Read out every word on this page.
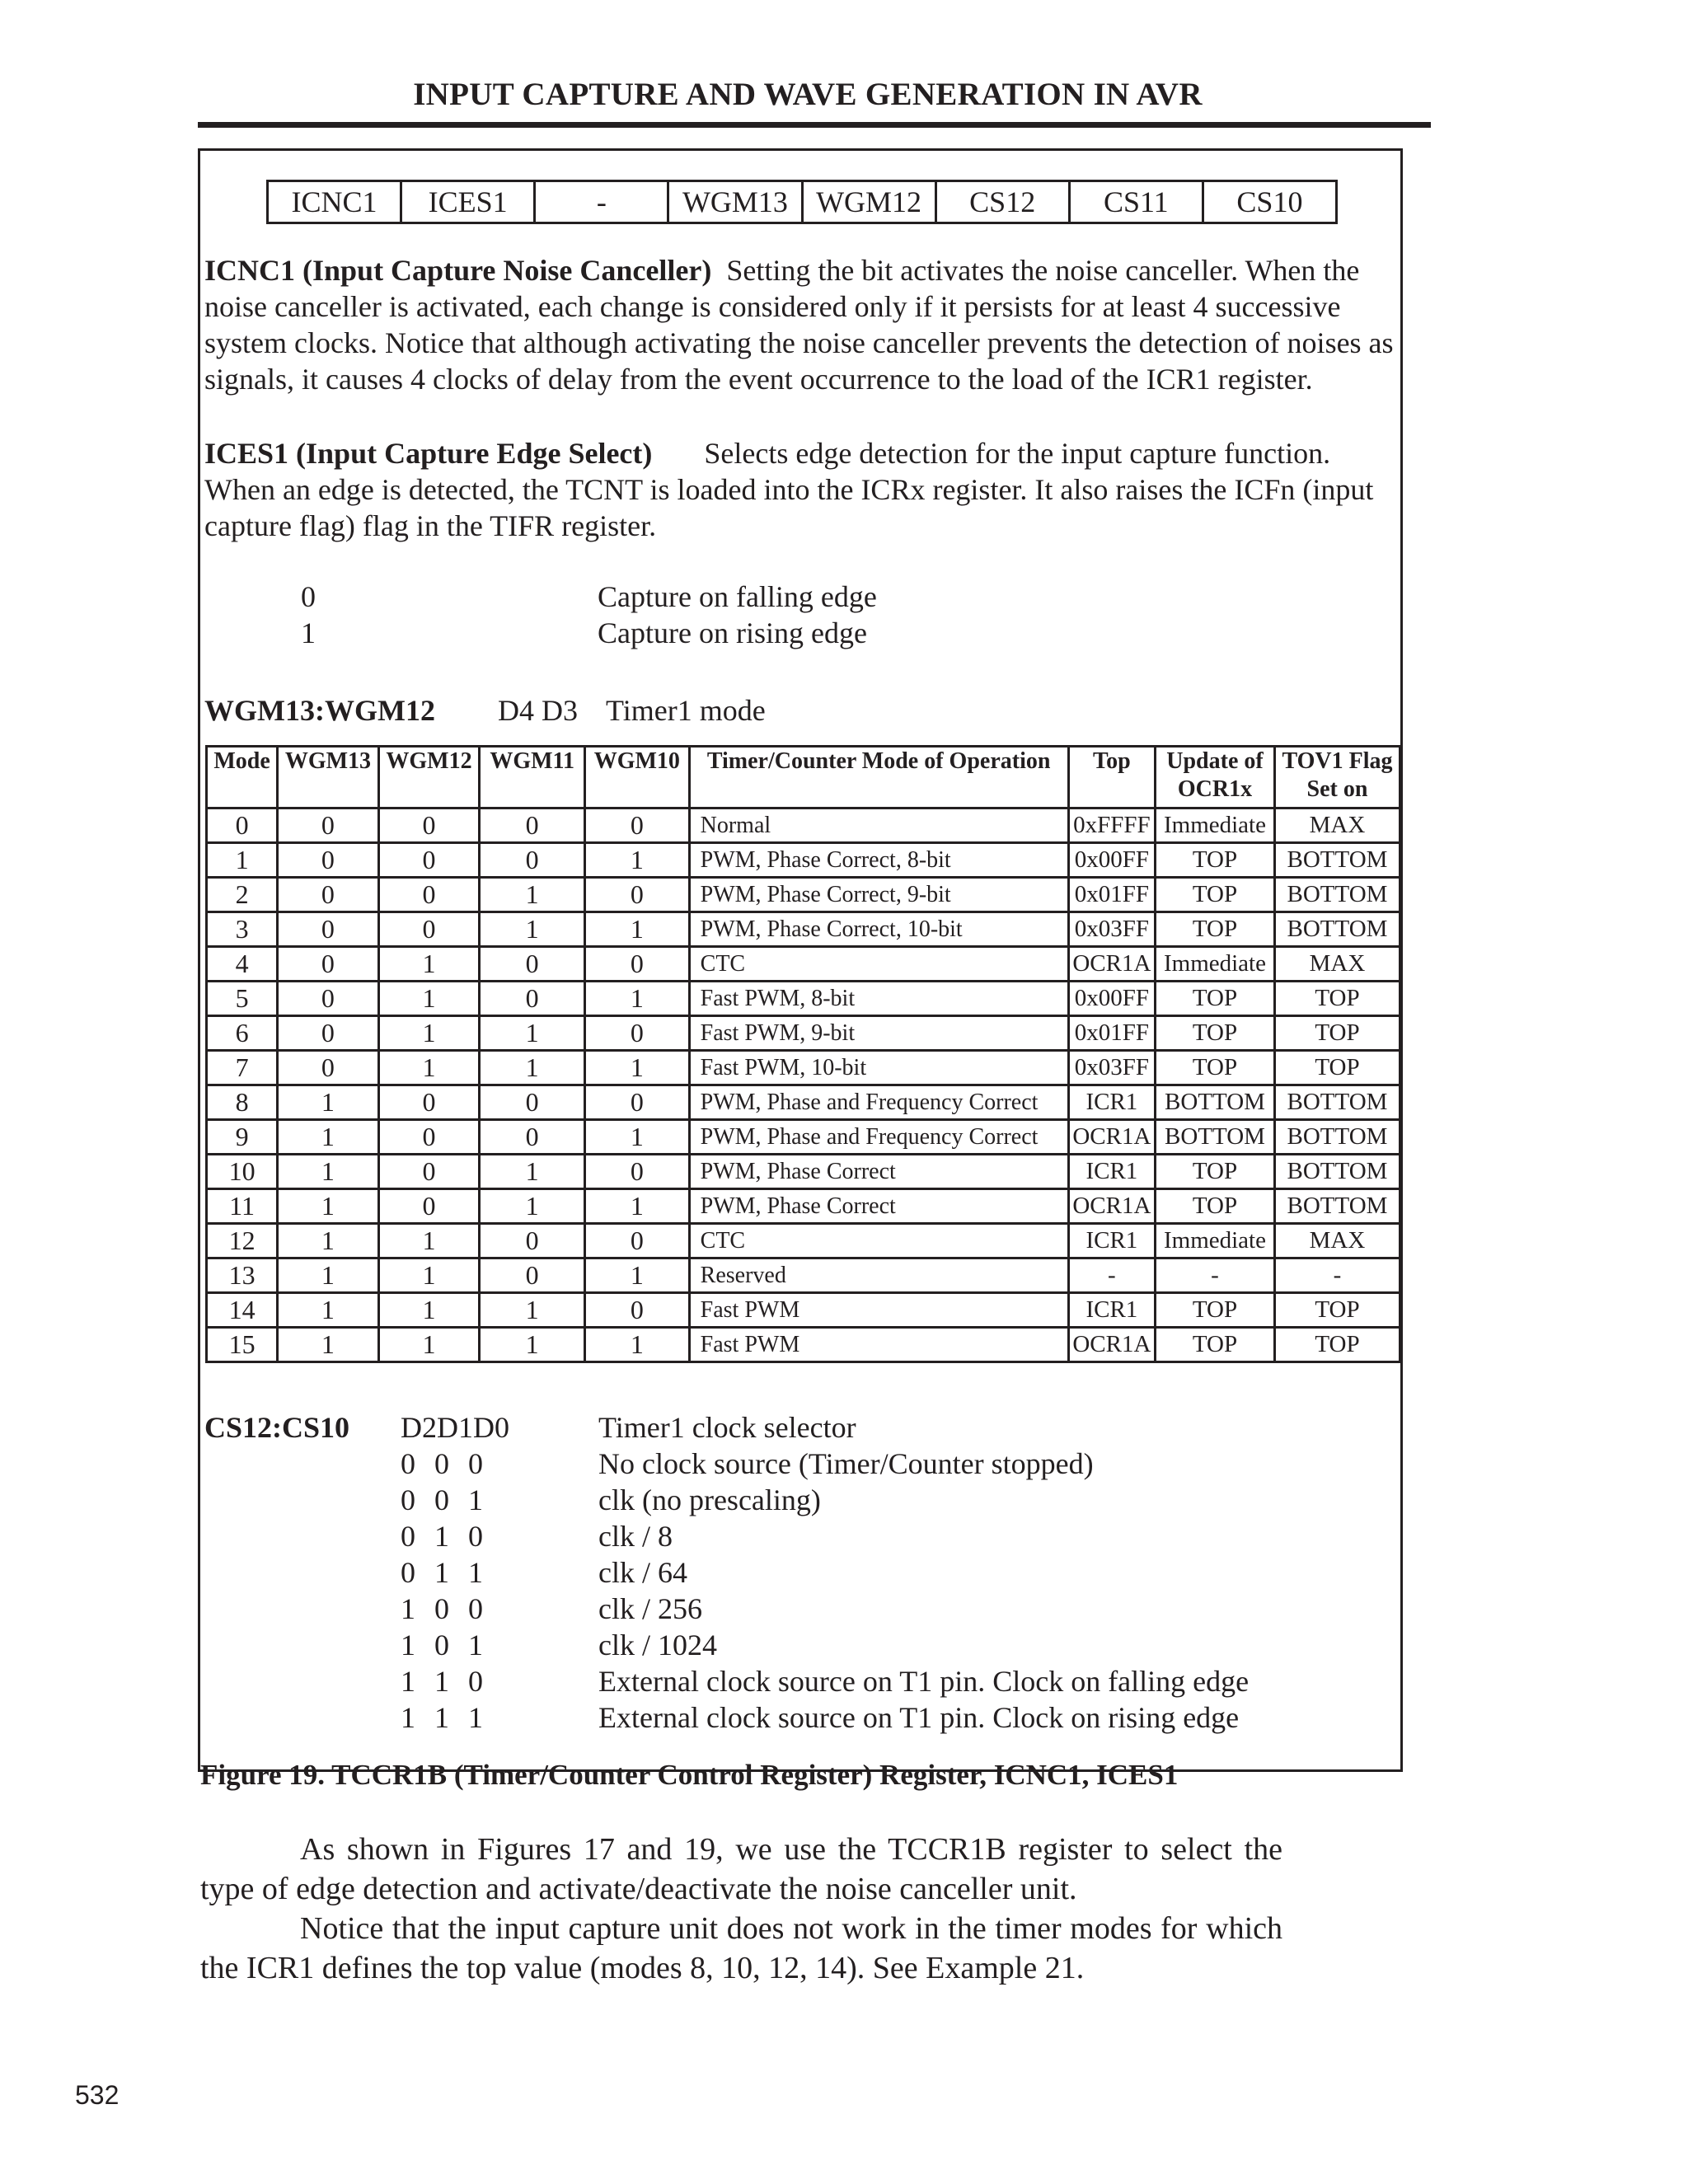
INPUT CAPTURE AND WAVE GENERATION IN AVR
ICNC1	ICES1	-	WGM13	WGM12	CS12	CS11	CS10
ICNC1 (Input Capture Noise Canceller) Setting the bit activates the noise canceller. When the noise canceller is activated, each change is considered only if it persists for at least 4 successive system clocks. Notice that although activating the noise canceller prevents the detection of noises as signals, it causes 4 clocks of delay from the event occurrence to the load of the ICR1 register.
ICES1 (Input Capture Edge Select) Selects edge detection for the input capture function. When an edge is detected, the TCNT is loaded into the ICRx register. It also raises the ICFn (input capture flag) flag in the TIFR register.
0	Capture on falling edge
1	Capture on rising edge
WGM13:WGM12 D4 D3 Timer1 mode
Mode	WGM13	WGM12	WGM11	WGM10	Timer/Counter Mode of Operation	Top	Update of OCR1x	TOV1 Flag Set on
0	0	0	0	0	Normal	0xFFFF	Immediate	MAX
1	0	0	0	1	PWM, Phase Correct, 8-bit	0x00FF	TOP	BOTTOM
2	0	0	1	0	PWM, Phase Correct, 9-bit	0x01FF	TOP	BOTTOM
3	0	0	1	1	PWM, Phase Correct, 10-bit	0x03FF	TOP	BOTTOM
4	0	1	0	0	CTC	OCR1A	Immediate	MAX
5	0	1	0	1	Fast PWM, 8-bit	0x00FF	TOP	TOP
6	0	1	1	0	Fast PWM, 9-bit	0x01FF	TOP	TOP
7	0	1	1	1	Fast PWM, 10-bit	0x03FF	TOP	TOP
8	1	0	0	0	PWM, Phase and Frequency Correct	ICR1	BOTTOM	BOTTOM
9	1	0	0	1	PWM, Phase and Frequency Correct	OCR1A	BOTTOM	BOTTOM
10	1	0	1	0	PWM, Phase Correct	ICR1	TOP	BOTTOM
11	1	0	1	1	PWM, Phase Correct	OCR1A	TOP	BOTTOM
12	1	1	0	0	CTC	ICR1	Immediate	MAX
13	1	1	0	1	Reserved	-	-	-
14	1	1	1	0	Fast PWM	ICR1	TOP	TOP
15	1	1	1	1	Fast PWM	OCR1A	TOP	TOP
CS12:CS10 D2D1D0	Timer1 clock selector
0 0 0	No clock source (Timer/Counter stopped)
0 0 1	clk (no prescaling)
0 1 0	clk / 8
0 1 1	clk / 64
1 0 0	clk / 256
1 0 1	clk / 1024
1 1 0	External clock source on T1 pin. Clock on falling edge
1 1 1	External clock source on T1 pin. Clock on rising edge
Figure 19. TCCR1B (Timer/Counter Control Register) Register, ICNC1, ICES1
As shown in Figures 17 and 19, we use the TCCR1B register to select the type of edge detection and activate/deactivate the noise canceller unit.
Notice that the input capture unit does not work in the timer modes for which the ICR1 defines the top value (modes 8, 10, 12, 14). See Example 21.
532
